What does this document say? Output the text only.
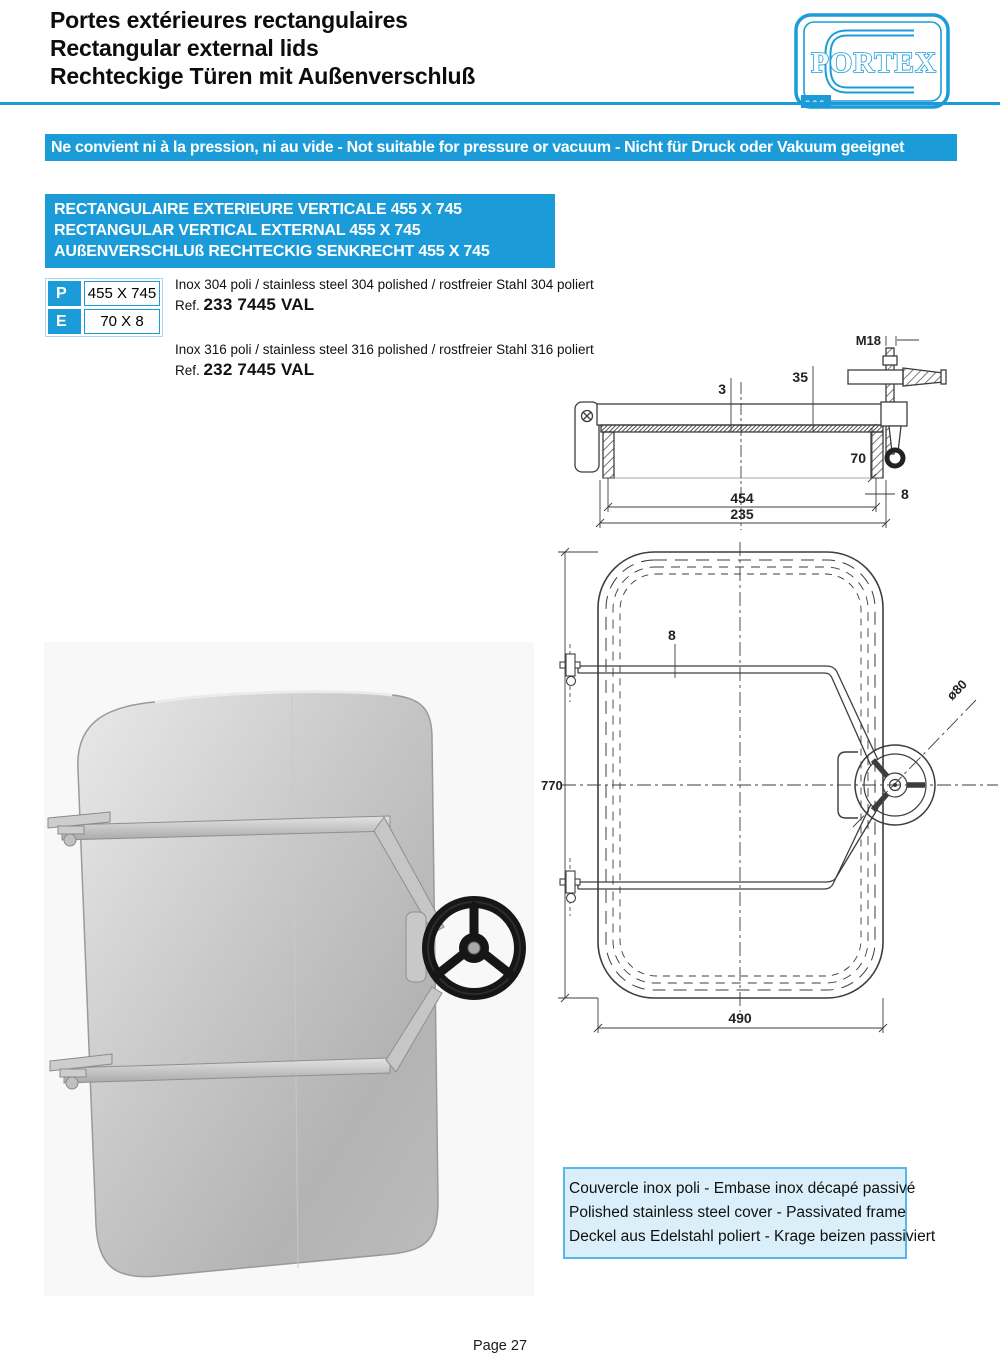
Portes extérieures rectangulaires
Rectangular external lids
Rechteckige Türen mit Außenverschluß	PORTEX
Ne convient ni à la pression, ni au vide - Not suitable for pressure or vacuum - Nicht für Druck oder Vakuum geeignet
RECTANGULAIRE EXTERIEURE VERTICALE 455 X 745
RECTANGULAR VERTICAL EXTERNAL 455 X 745
AUßENVERSCHLUß RECHTECKIG SENKRECHT 455 X 745
P	455 X 745
E	70 X 8
Inox 304 poli / stainless steel 304 polished / rostfreier Stahl 304 poliert
Ref. 233 7445 VAL
Inox 316 poli / stainless steel 316 polished / rostfreier Stahl 316 poliert
Ref. 232 7445 VAL
M18
35
3
70
8
454
235
8
770
ø80
490
Couvercle inox poli - Embase inox décapé passivé
Polished stainless steel cover - Passivated frame
Deckel aus Edelstahl poliert - Krage beizen passiviert
Page 27
